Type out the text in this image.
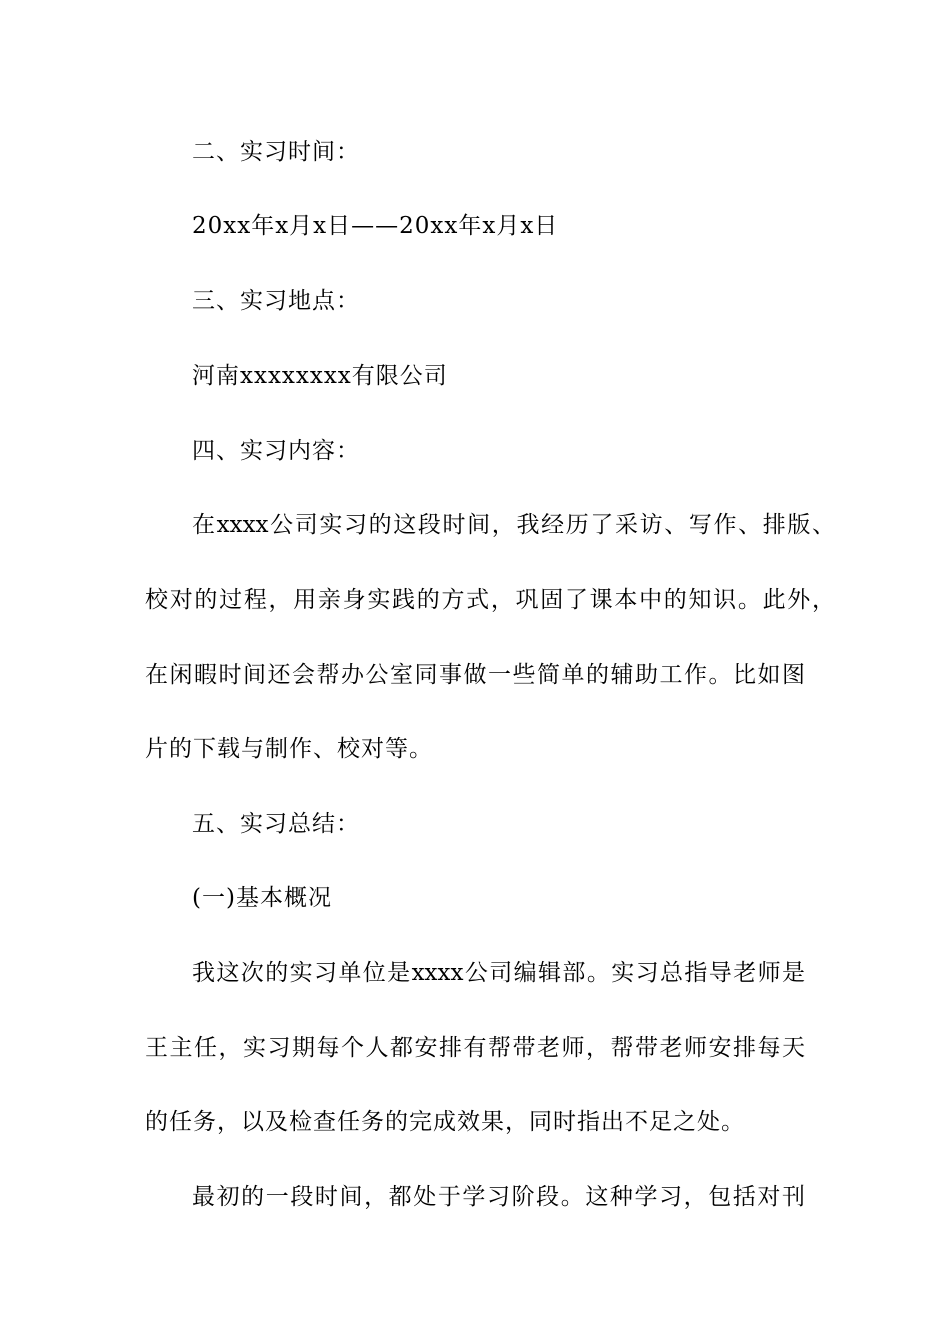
二、实习时间：
20xx年x月x日——20xx年x月x日
三、实习地点：
河南xxxxxxxx有限公司
四、实习内容：
在xxxx公司实习的这段时间，我经历了采访、写作、排版、
校对的过程，用亲身实践的方式，巩固了课本中的知识。此外，
在闲暇时间还会帮办公室同事做一些简单的辅助工作。比如图
片的下载与制作、校对等。
五、实习总结：
(一)基本概况
我这次的实习单位是xxxx公司编辑部。实习总指导老师是
王主任，实习期每个人都安排有帮带老师，帮带老师安排每天
的任务，以及检查任务的完成效果，同时指出不足之处。
最初的一段时间，都处于学习阶段。这种学习，包括对刊
